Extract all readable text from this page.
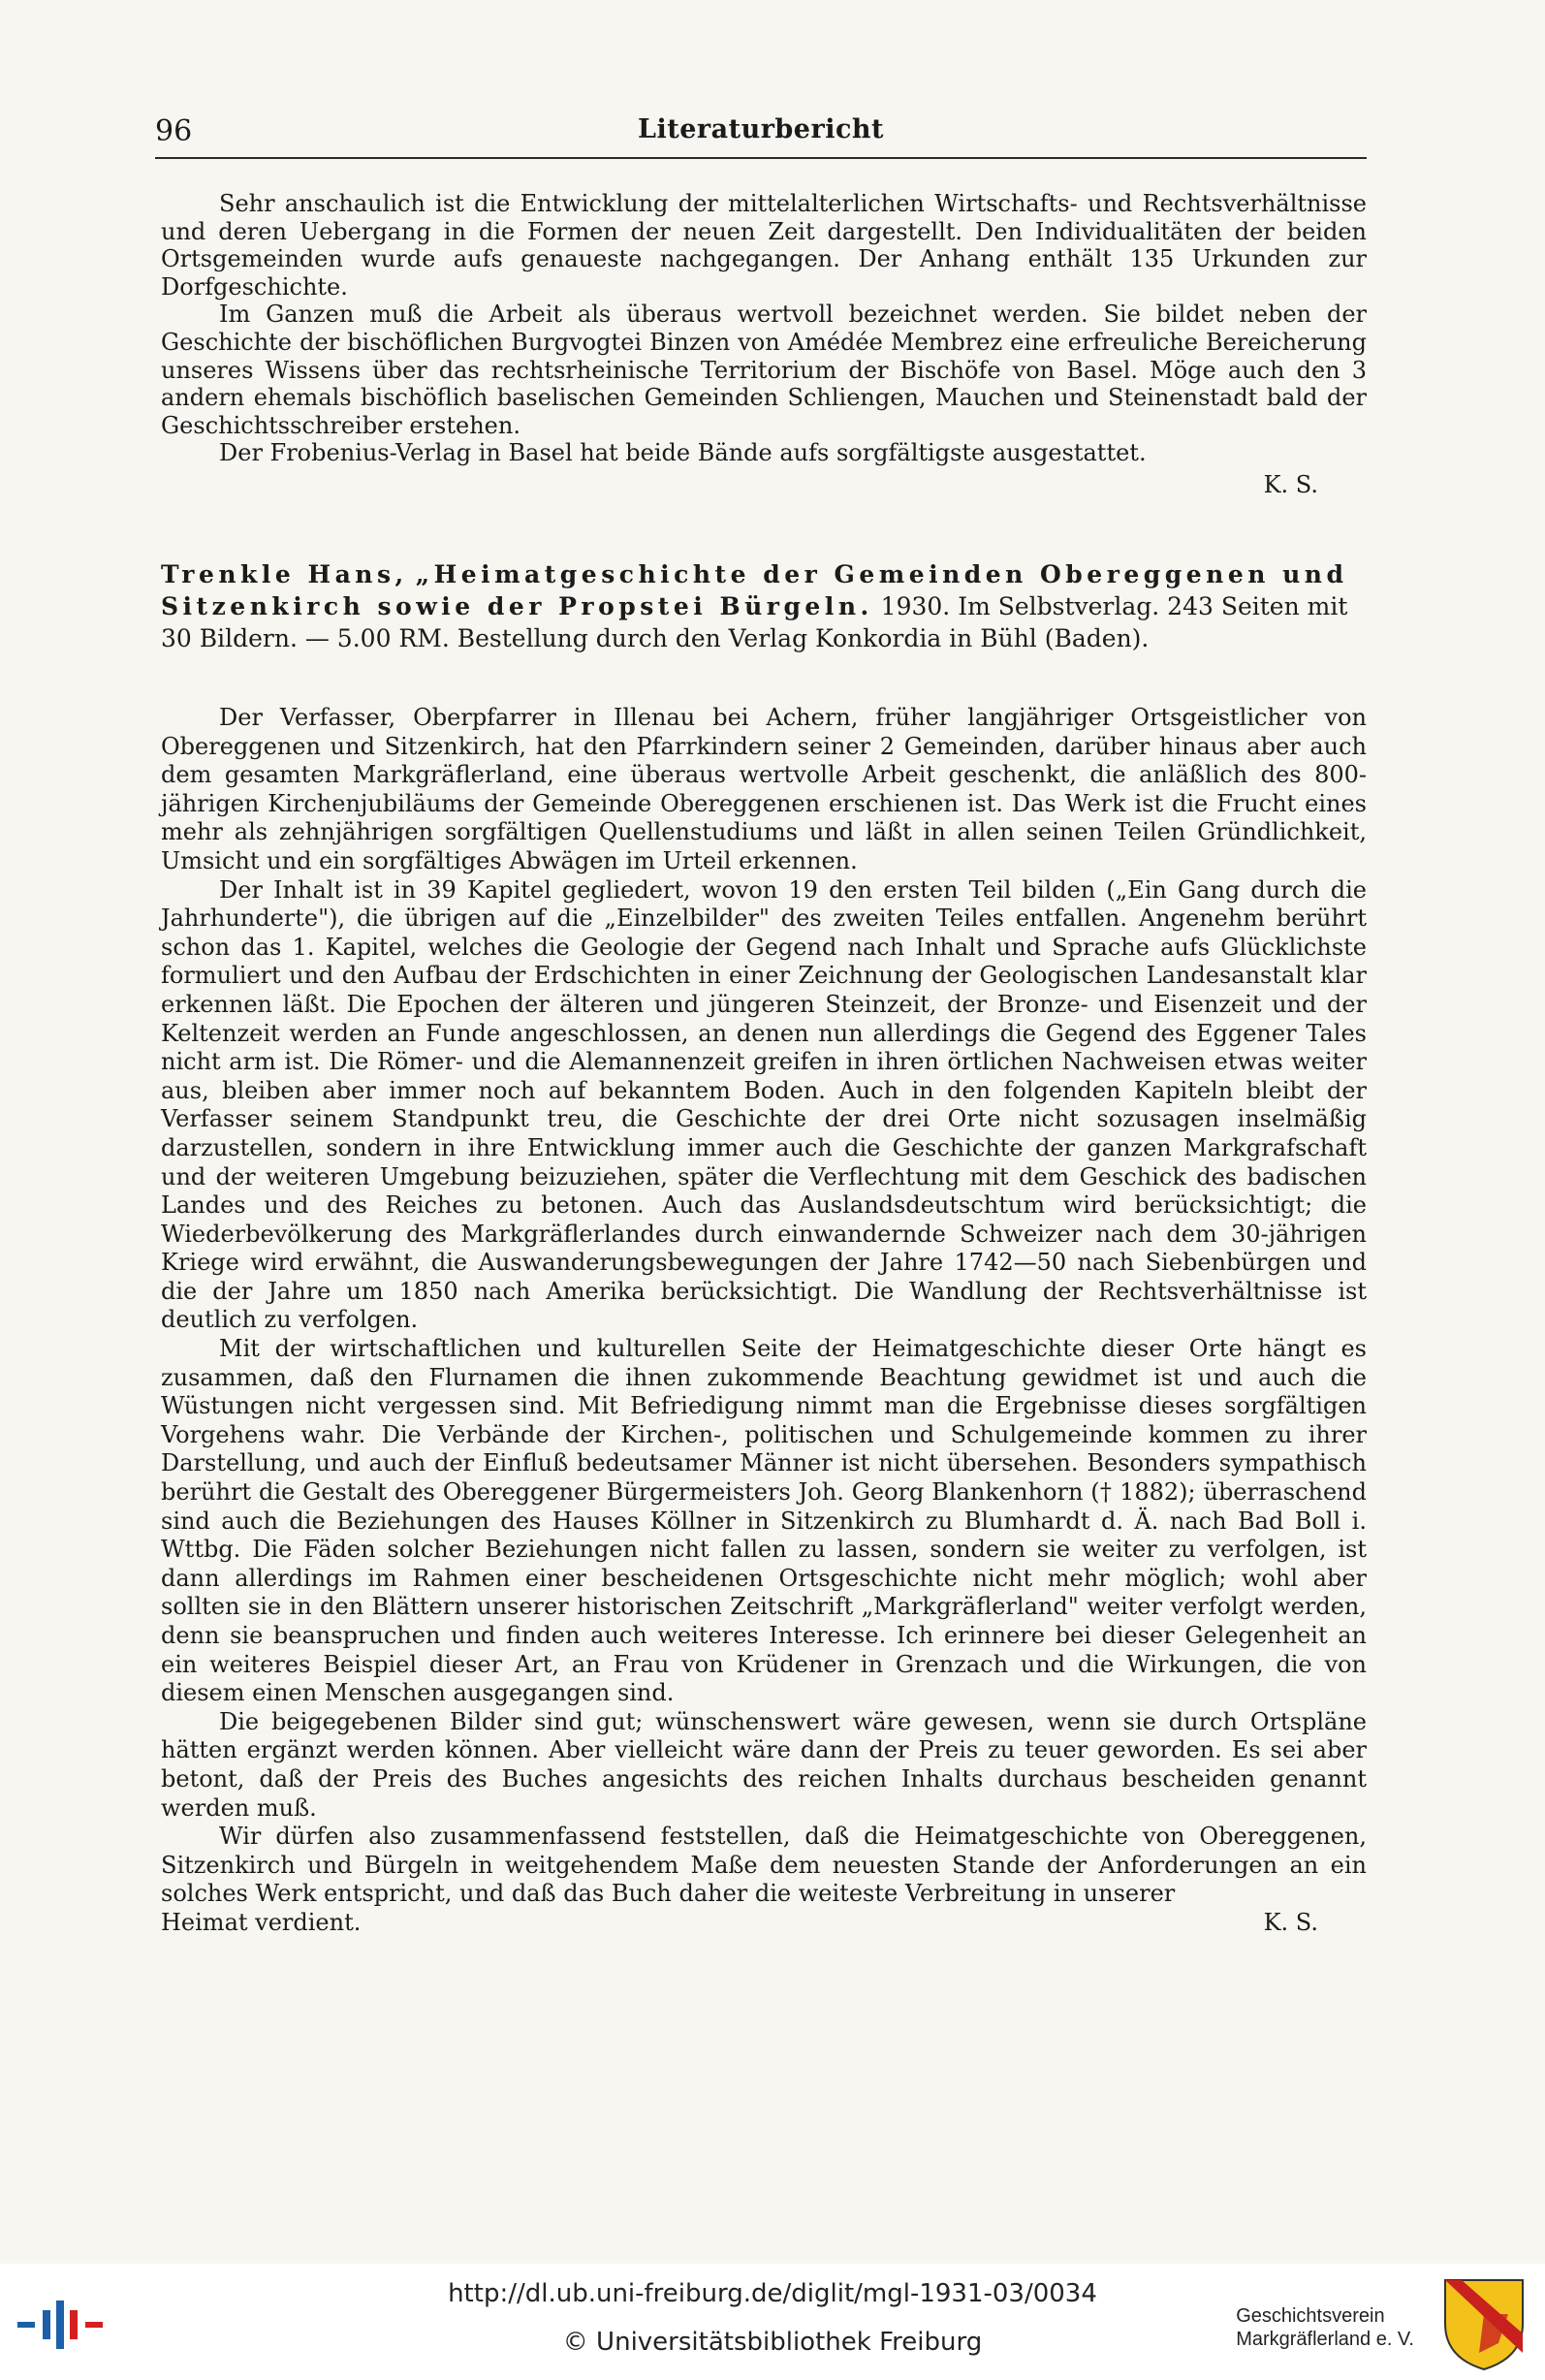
96	Literaturbericht

Sehr anschaulich ist die Entwicklung der mittelalterlichen Wirtschafts- und Rechtsverhältnisse und deren Uebergang in die Formen der neuen Zeit dargestellt. Den Individualitäten der beiden Ortsgemeinden wurde aufs genaueste nachgegangen. Der Anhang enthält 135 Urkunden zur Dorfgeschichte.

Im Ganzen muß die Arbeit als überaus wertvoll bezeichnet werden. Sie bildet neben der Geschichte der bischöflichen Burgvogtei Binzen von Amédée Membrez eine erfreuliche Bereicherung unseres Wissens über das rechtsrheinische Territorium der Bischöfe von Basel. Möge auch den 3 andern ehemals bischöflich baselischen Gemeinden Schliengen, Mauchen und Steinenstadt bald der Geschichtsschreiber erstehen.

Der Frobenius-Verlag in Basel hat beide Bände aufs sorgfältigste ausgestattet.

K. S.

Trenkle Hans, „Heimatgeschichte der Gemeinden Obereggenen und Sitzenkirch sowie der Propstei Bürgeln. 1930. Im Selbstverlag. 243 Seiten mit 30 Bildern. — 5.00 RM. Bestellung durch den Verlag Konkordia in Bühl (Baden).

Der Verfasser, Oberpfarrer in Illenau bei Achern, früher langjähriger Ortsgeistlicher von Obereggenen und Sitzenkirch, hat den Pfarrkindern seiner 2 Gemeinden, darüber hinaus aber auch dem gesamten Markgräflerland, eine überaus wertvolle Arbeit geschenkt, die anläßlich des 800-jährigen Kirchenjubiläums der Gemeinde Obereggenen erschienen ist. Das Werk ist die Frucht eines mehr als zehnjährigen sorgfältigen Quellenstudiums und läßt in allen seinen Teilen Gründlichkeit, Umsicht und ein sorgfältiges Abwägen im Urteil erkennen.

Der Inhalt ist in 39 Kapitel gegliedert, wovon 19 den ersten Teil bilden („Ein Gang durch die Jahrhunderte"), die übrigen auf die „Einzelbilder" des zweiten Teiles entfallen. Angenehm berührt schon das 1. Kapitel, welches die Geologie der Gegend nach Inhalt und Sprache aufs Glücklichste formuliert und den Aufbau der Erdschichten in einer Zeichnung der Geologischen Landesanstalt klar erkennen läßt. Die Epochen der älteren und jüngeren Steinzeit, der Bronze- und Eisenzeit und der Keltenzeit werden an Funde angeschlossen, an denen nun allerdings die Gegend des Eggener Tales nicht arm ist. Die Römer- und die Alemannenzeit greifen in ihren örtlichen Nachweisen etwas weiter aus, bleiben aber immer noch auf bekanntem Boden. Auch in den folgenden Kapiteln bleibt der Verfasser seinem Standpunkt treu, die Geschichte der drei Orte nicht sozusagen inselmäßig darzustellen, sondern in ihre Entwicklung immer auch die Geschichte der ganzen Markgrafschaft und der weiteren Umgebung beizuziehen, später die Verflechtung mit dem Geschick des badischen Landes und des Reiches zu betonen. Auch das Auslandsdeutschtum wird berücksichtigt; die Wiederbevölkerung des Markgräflerlandes durch einwandernde Schweizer nach dem 30-jährigen Kriege wird erwähnt, die Auswanderungsbewegungen der Jahre 1742—50 nach Siebenbürgen und die der Jahre um 1850 nach Amerika berücksichtigt. Die Wandlung der Rechtsverhältnisse ist deutlich zu verfolgen.

Mit der wirtschaftlichen und kulturellen Seite der Heimatgeschichte dieser Orte hängt es zusammen, daß den Flurnamen die ihnen zukommende Beachtung gewidmet ist und auch die Wüstungen nicht vergessen sind. Mit Befriedigung nimmt man die Ergebnisse dieses sorgfältigen Vorgehens wahr. Die Verbände der Kirchen-, politischen und Schulgemeinde kommen zu ihrer Darstellung, und auch der Einfluß bedeutsamer Männer ist nicht übersehen. Besonders sympathisch berührt die Gestalt des Obereggener Bürgermeisters Joh. Georg Blankenhorn († 1882); überraschend sind auch die Beziehungen des Hauses Köllner in Sitzenkirch zu Blumhardt d. Ä. nach Bad Boll i. Wttbg. Die Fäden solcher Beziehungen nicht fallen zu lassen, sondern sie weiter zu verfolgen, ist dann allerdings im Rahmen einer bescheidenen Ortsgeschichte nicht mehr möglich; wohl aber sollten sie in den Blättern unserer historischen Zeitschrift „Markgräflerland" weiter verfolgt werden, denn sie beanspruchen und finden auch weiteres Interesse. Ich erinnere bei dieser Gelegenheit an ein weiteres Beispiel dieser Art, an Frau von Krüdener in Grenzach und die Wirkungen, die von diesem einen Menschen ausgegangen sind.

Die beigegebenen Bilder sind gut; wünschenswert wäre gewesen, wenn sie durch Ortspläne hätten ergänzt werden können. Aber vielleicht wäre dann der Preis zu teuer geworden. Es sei aber betont, daß der Preis des Buches angesichts des reichen Inhalts durchaus bescheiden genannt werden muß.

Wir dürfen also zusammenfassend feststellen, daß die Heimatgeschichte von Obereggenen, Sitzenkirch und Bürgeln in weitgehendem Maße dem neuesten Stande der Anforderungen an ein solches Werk entspricht, und daß das Buch daher die weiteste Verbreitung in unserer

Heimat verdient.	K. S.
http://dl.ub.uni-freiburg.de/diglit/mgl-1931-03/0034
© Universitätsbibliothek Freiburg
Geschichtsverein
Markgräflerland e. V.
